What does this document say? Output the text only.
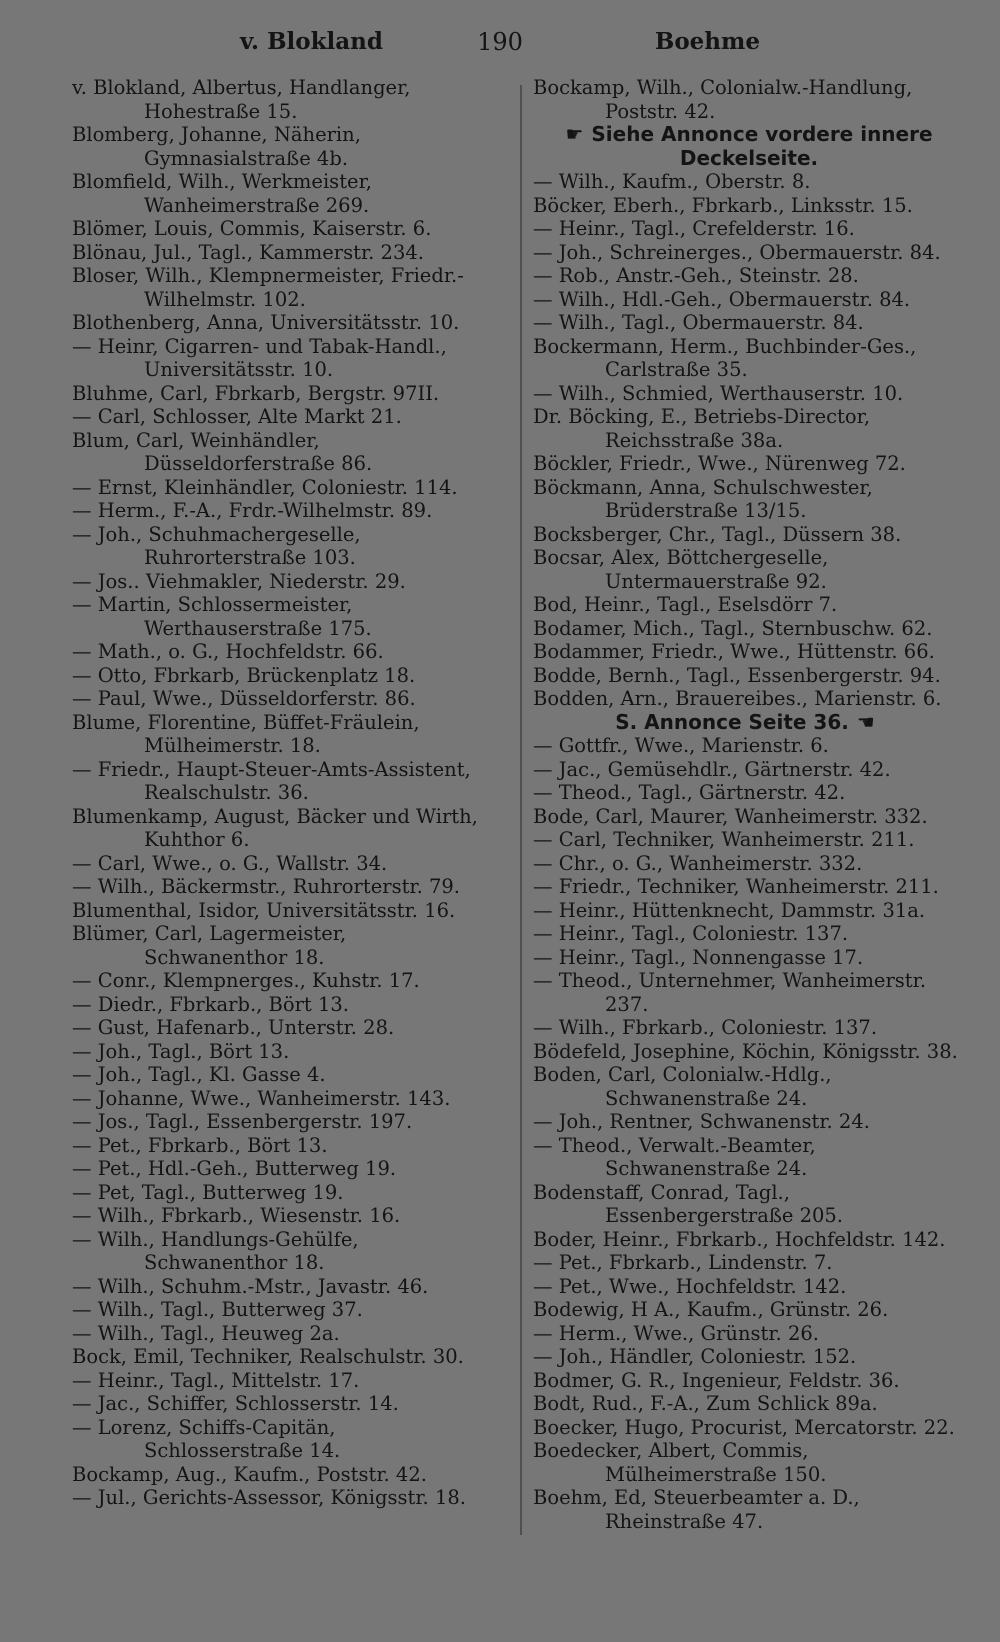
v. Blokland	190	Boehme

v. Blokland, Albertus, Handlanger, Hohestraße 15.

Blomberg, Johanne, Näherin, Gymnasialstraße 4b.

Blomfield, Wilh., Werkmeister, Wanheimerstraße 269.

Blömer, Louis, Commis, Kaiserstr. 6.

Blönau, Jul., Tagl., Kammerstr. 234.

Bloser, Wilh., Klempnermeister, Friedr.-Wilhelmstr. 102.

Blothenberg, Anna, Universitätsstr. 10.

— Heinr, Cigarren- und Tabak-Handl., Universitätsstr. 10.

Bluhme, Carl, Fbrkarb, Bergstr. 97II.

— Carl, Schlosser, Alte Markt 21.

Blum, Carl, Weinhändler, Düsseldorferstraße 86.

— Ernst, Kleinhändler, Coloniestr. 114.

— Herm., F.-A., Frdr.-Wilhelmstr. 89.

— Joh., Schuhmachergeselle, Ruhrorterstraße 103.

— Jos.. Viehmakler, Niederstr. 29.

— Martin, Schlossermeister, Werthauserstraße 175.

— Math., o. G., Hochfeldstr. 66.

— Otto, Fbrkarb, Brückenplatz 18.

— Paul, Wwe., Düsseldorferstr. 86.

Blume, Florentine, Büffet-Fräulein, Mülheimerstr. 18.

— Friedr., Haupt-Steuer-Amts-Assistent, Realschulstr. 36.

Blumenkamp, August, Bäcker und Wirth, Kuhthor 6.

— Carl, Wwe., o. G., Wallstr. 34.

— Wilh., Bäckermstr., Ruhrorterstr. 79.

Blumenthal, Isidor, Universitätsstr. 16.

Blümer, Carl, Lagermeister, Schwanenthor 18.

— Conr., Klempnerges., Kuhstr. 17.

— Diedr., Fbrkarb., Bört 13.

— Gust, Hafenarb., Unterstr. 28.

— Joh., Tagl., Bört 13.

— Joh., Tagl., Kl. Gasse 4.

— Johanne, Wwe., Wanheimerstr. 143.

— Jos., Tagl., Essenbergerstr. 197.

— Pet., Fbrkarb., Bört 13.

— Pet., Hdl.-Geh., Butterweg 19.

— Pet, Tagl., Butterweg 19.

— Wilh., Fbrkarb., Wiesenstr. 16.

— Wilh., Handlungs-Gehülfe, Schwanenthor 18.

— Wilh., Schuhm.-Mstr., Javastr. 46.

— Wilh., Tagl., Butterweg 37.

— Wilh., Tagl., Heuweg 2a.

Bock, Emil, Techniker, Realschulstr. 30.

— Heinr., Tagl., Mittelstr. 17.

— Jac., Schiffer, Schlosserstr. 14.

— Lorenz, Schiffs-Capitän, Schlosserstraße 14.

Bockamp, Aug., Kaufm., Poststr. 42.

— Jul., Gerichts-Assessor, Königsstr. 18.

Bockamp, Wilh., Colonialw.-Handlung, Poststr. 42.

☛ Siehe Annonce vordere innere Deckelseite.

— Wilh., Kaufm., Oberstr. 8.

Böcker, Eberh., Fbrkarb., Linksstr. 15.

— Heinr., Tagl., Crefelderstr. 16.

— Joh., Schreinerges., Obermauerstr. 84.

— Rob., Anstr.-Geh., Steinstr. 28.

— Wilh., Hdl.-Geh., Obermauerstr. 84.

— Wilh., Tagl., Obermauerstr. 84.

Bockermann, Herm., Buchbinder-Ges., Carlstraße 35.

— Wilh., Schmied, Werthauserstr. 10.

Dr. Böcking, E., Betriebs-Director, Reichsstraße 38a.

Böckler, Friedr., Wwe., Nürenweg 72.

Böckmann, Anna, Schulschwester, Brüderstraße 13/15.

Bocksberger, Chr., Tagl., Düssern 38.

Bocsar, Alex, Böttchergeselle, Untermauerstraße 92.

Bod, Heinr., Tagl., Eselsdörr 7.

Bodamer, Mich., Tagl., Sternbuschw. 62.

Bodammer, Friedr., Wwe., Hüttenstr. 66.

Bodde, Bernh., Tagl., Essenbergerstr. 94.

Bodden, Arn., Brauereibes., Marienstr. 6.

S. Annonce Seite 36. ☚

— Gottfr., Wwe., Marienstr. 6.

— Jac., Gemüsehdlr., Gärtnerstr. 42.

— Theod., Tagl., Gärtnerstr. 42.

Bode, Carl, Maurer, Wanheimerstr. 332.

— Carl, Techniker, Wanheimerstr. 211.

— Chr., o. G., Wanheimerstr. 332.

— Friedr., Techniker, Wanheimerstr. 211.

— Heinr., Hüttenknecht, Dammstr. 31a.

— Heinr., Tagl., Coloniestr. 137.

— Heinr., Tagl., Nonnengasse 17.

— Theod., Unternehmer, Wanheimerstr. 237.

— Wilh., Fbrkarb., Coloniestr. 137.

Bödefeld, Josephine, Köchin, Königsstr. 38.

Boden, Carl, Colonialw.-Hdlg., Schwanenstraße 24.

— Joh., Rentner, Schwanenstr. 24.

— Theod., Verwalt.-Beamter, Schwanenstraße 24.

Bodenstaff, Conrad, Tagl., Essenbergerstraße 205.

Boder, Heinr., Fbrkarb., Hochfeldstr. 142.

— Pet., Fbrkarb., Lindenstr. 7.

— Pet., Wwe., Hochfeldstr. 142.

Bodewig, H A., Kaufm., Grünstr. 26.

— Herm., Wwe., Grünstr. 26.

— Joh., Händler, Coloniestr. 152.

Bodmer, G. R., Ingenieur, Feldstr. 36.

Bodt, Rud., F.-A., Zum Schlick 89a.

Boecker, Hugo, Procurist, Mercatorstr. 22.

Boedecker, Albert, Commis, Mülheimerstraße 150.

Boehm, Ed, Steuerbeamter a. D., Rheinstraße 47.
